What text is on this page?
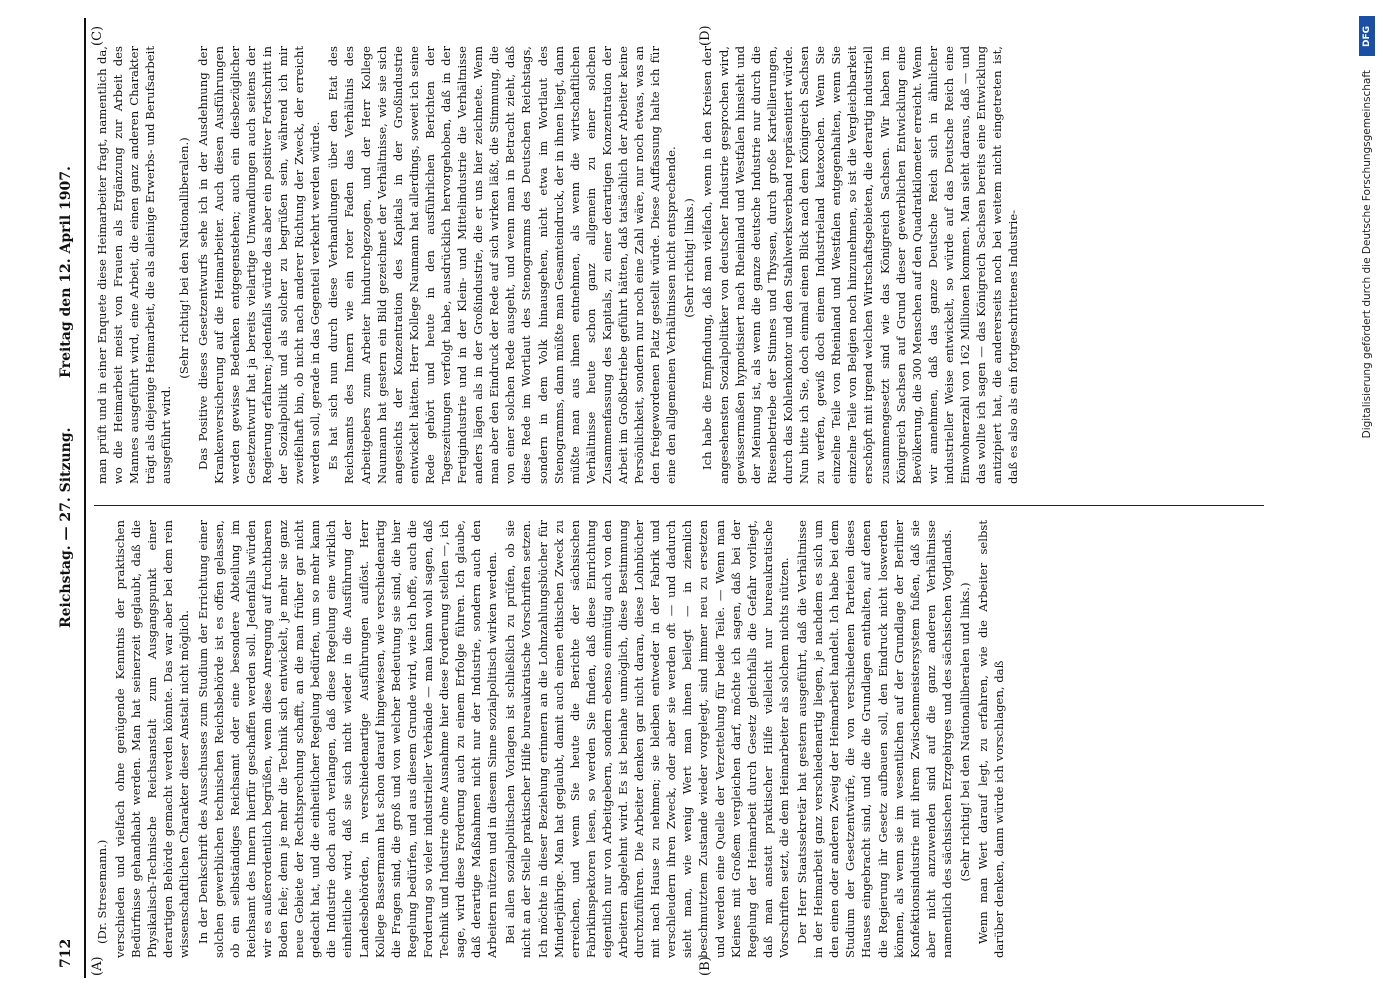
712
Reichstag. — 27. Sitzung.
Freitag den 12. April 1907.

(Dr. Stresemann.) verschieden und vielfach ohne genügende Kenntnis der praktischen Bedürfnisse gehandhabt werden. Man hat seinerzeit geglaubt, daß die Physikalisch-Technische Reichsanstalt zum Ausgangspunkt einer derartigen Behörde gemacht werden könnte. Das war aber bei dem rein wissenschaftlichen Charakter dieser Anstalt nicht möglich. In der Denkschrift des Ausschusses zum Studium der Errichtung einer solchen gewerblichen technischen Reichsbehörde ist es offen gelassen, ob ein selbständiges Reichsamt oder eine besondere Abteilung im Reichsamt des Innern hierfür geschaffen werden soll. Jedenfalls würden wir es außerordentlich begrüßen, wenn diese Anregung auf fruchtbaren Boden fiele; denn je mehr die Technik sich entwickelt, je mehr sie ganz neue Gebiete der Rechtsprechung schafft, an die man früher gar nicht gedacht hat, und die einheitlicher Regelung bedürfen, um so mehr kann die Industrie doch auch verlangen, daß diese Regelung eine wirklich einheitliche wird, daß sie sich nicht wieder in die Ausführung der Landesbehörden, in verschiedenartige Ausführungen auflöst. Herr Kollege Bassermann hat schon darauf hingewiesen, wie verschiedenartig die Fragen sind, die groß und von welcher Bedeutung sie sind, die hier Regelung bedürfen, und aus diesem Grunde wird, wie ich hoffe, auch die Forderung so vieler industrieller Verbände — man kann wohl sagen, daß Technik und Industrie ohne Ausnahme hier diese Forderung stellen —, ich sage, wird diese Forderung auch zu einem Erfolge führen. Ich glaube, daß derartige Maßnahmen nicht nur der Industrie, sondern auch den Arbeitern nützen und in diesem Sinne sozialpolitisch wirken werden. Bei allen sozialpolitischen Vorlagen ist schließlich zu prüfen, ob sie nicht an der Stelle praktischer Hilfe bureaukratische Vorschriften setzen. Ich möchte in dieser Beziehung erinnern an die Lohnzahlungsbücher für Minderjährige. Man hat geglaubt, damit auch einen ethischen Zweck zu erreichen, und wenn Sie heute die Berichte der sächsischen Fabrikinspektoren lesen, so werden Sie finden, daß diese Einrichtung eigentlich nur von Arbeitgebern, sondern ebenso einmütig auch von den Arbeitern abgelehnt wird. Es ist beinahe unmöglich, diese Bestimmung durchzuführen. Die Arbeiter denken gar nicht daran, diese Lohnbücher mit nach Hause zu nehmen; sie bleiben entweder in der Fabrik und verschleudern ihren Zweck, oder aber sie werden oft — und dadurch sieht man, wie wenig Wert man ihnen beilegt — in ziemlich beschmutztem Zustande wieder vorgelegt, sind immer neu zu ersetzen und werden eine Quelle der Verzettelung für beide Teile. — Wenn man Kleines mit Großem vergleichen darf, möchte ich sagen, daß bei der Regelung der Heimarbeit durch Gesetz gleichfalls die Gefahr vorliegt, daß man anstatt praktischer Hilfe vielleicht nur bureaukratische Vorschriften setzt, die dem Heimarbeiter als solchem nichts nützen. Der Herr Staatssekretär hat gestern ausgeführt, daß die Verhältnisse in der Heimarbeit ganz verschiedenartig liegen, je nachdem es sich um den einen oder anderen Zweig der Heimarbeit handelt. Ich habe bei dem Studium der Gesetzentwürfe, die von verschiedenen Parteien dieses Hauses eingebracht sind, und die die Grundlagen enthalten, auf denen die Regierung ihr Gesetz aufbauen soll, den Eindruck nicht loswerden können, als wenn sie im wesentlichen auf der Grundlage der Berliner Konfektionsindustrie mit ihrem Zwischenmeistersystem fußen, daß sie aber nicht anzuwenden sind auf die ganz anderen Verhältnisse namentlich des sächsischen Erzgebirges und des sächsischen Vogtlands. (Sehr richtig! bei den Nationalliberalen und links.) Wenn man Wert darauf legt, zu erfahren, wie die Arbeiter selbst darüber denken, dann würde ich vorschlagen, daß

man prüft und in einer Enquete diese Heimarbeiter fragt, namentlich da, wo die Heimarbeit meist von Frauen als Ergänzung zur Arbeit des Mannes ausgeführt wird, eine Arbeit, die einen ganz anderen Charakter trägt als diejenige Heimarbeit, die als alleinige Erwerbs- und Berufsarbeit ausgeführt wird.

(Sehr richtig! bei den Nationalliberalen.) Das Positive dieses Gesetzentwurfs sehe ich in der Ausdehnung der Krankenversicherung auf die Heimarbeiter. Auch diesen Ausführungen werden gewisse Bedenken entgegenstehen; auch ein diesbezüglicher Gesetzentwurf hat ja bereits vielartige Umwandlungen auch seitens der Regierung erfahren; jedenfalls würde das aber ein positiver Fortschritt in der Sozialpolitik und als solcher zu begrüßen sein, während ich mir zweifelhaft bin, ob nicht nach anderer Richtung der Zweck, der erreicht werden soll, gerade in das Gegenteil verkehrt werden würde. Es hat sich nun durch diese Verhandlungen über den Etat des Reichsamts des Innern wie ein roter Faden das Verhältnis des Arbeitgebers zum Arbeiter hindurchgezogen, und der Herr Kollege Naumann hat gestern ein Bild gezeichnet der Verhältnisse, wie sie sich angesichts der Konzentration des Kapitals in der Großindustrie entwickelt hätten. Herr Kollege Naumann hat allerdings, soweit ich seine Rede gehört und heute in den ausführlichen Berichten der Tageszeitungen verfolgt habe, ausdrücklich hervorgehoben, daß in der Fertigindustrie und in der Klein- und Mittelindustrie die Verhältnisse anders lägen als in der Großindustrie, die er uns hier zeichnete. Wenn man aber den Eindruck der Rede auf sich wirken läßt, die Stimmung, die von einer solchen Rede ausgeht, und wenn man in Betracht zieht, daß diese Rede im Wortlaut des Stenogramms des Deutschen Reichstags, sondern in dem Volk hinausgehen, nicht etwa im Wortlaut des Stenogramms, dann müßte man Gesamteindruck, der in ihnen liegt, dann müßte man aus ihnen entnehmen, als wenn die wirtschaftlichen Verhältnisse heute schon ganz allgemein zu einer solchen Zusammenfassung des Kapitals, zu einer derartigen Konzentration der Arbeit im Großbetriebe geführt hätten, daß tatsächlich der Arbeiter keine Persönlichkeit, sondern nur noch eine Zahl wäre, nur noch etwas, was an den freigewordenen Platz gestellt würde. Diese Auffassung halte ich für eine den allgemeinen Verhältnissen nicht entsprechende. (Sehr richtig! links.) Ich habe die Empfindung, daß man vielfach, wenn in den Kreisen der angesehensten Sozialpolitiker von deutscher Industrie gesprochen wird, gewissermaßen hypnotisiert nach Rheinland und Westfalen hinsieht und der Meinung ist, als wenn die ganze deutsche Industrie nur durch die Riesenbetriebe der Stinnes und Thyssen, durch große Kartellierungen, durch das Kohlenkontor und den Stahlwerksverband repräsentiert würde. Nun bitte ich Sie, doch einmal einen Blick nach dem Königreich Sachsen zu werfen, gewiß doch einem Industrieland katexochen. Wenn Sie einzelne Teile von Rheinland und Westfalen entgegenhalten, wenn Sie einzelne Teile von Belgien noch hinzunehmen, so ist die Vergleichbarkeit erschöpft mit irgend welchen Wirtschaftsgebieten, die derartig industriell zusammengesetzt sind wie das Königreich Sachsen. Wir haben im Königreich Sachsen auf Grund dieser gewerblichen Entwicklung eine Bevölkerung, die 300 Menschen auf den Quadratkilometer erreicht. Wenn wir annehmen, daß das ganze Deutsche Reich sich in ähnlicher industrieller Weise entwickelt, so würde auf das Deutsche Reich eine Einwohnerzahl von 162 Millionen kommen. Man sieht daraus, daß — und das wollte ich sagen — das Königreich Sachsen bereits eine Entwicklung antizipiert hat, die andererseits noch bei weitem nicht eingetreten ist, daß es also als ein fortgeschrittenes Industrie-

(A)	(B)
(C)	(D)	DFG
Digitalisierung gefördert durch die Deutsche Forschungsgemeinschaft
